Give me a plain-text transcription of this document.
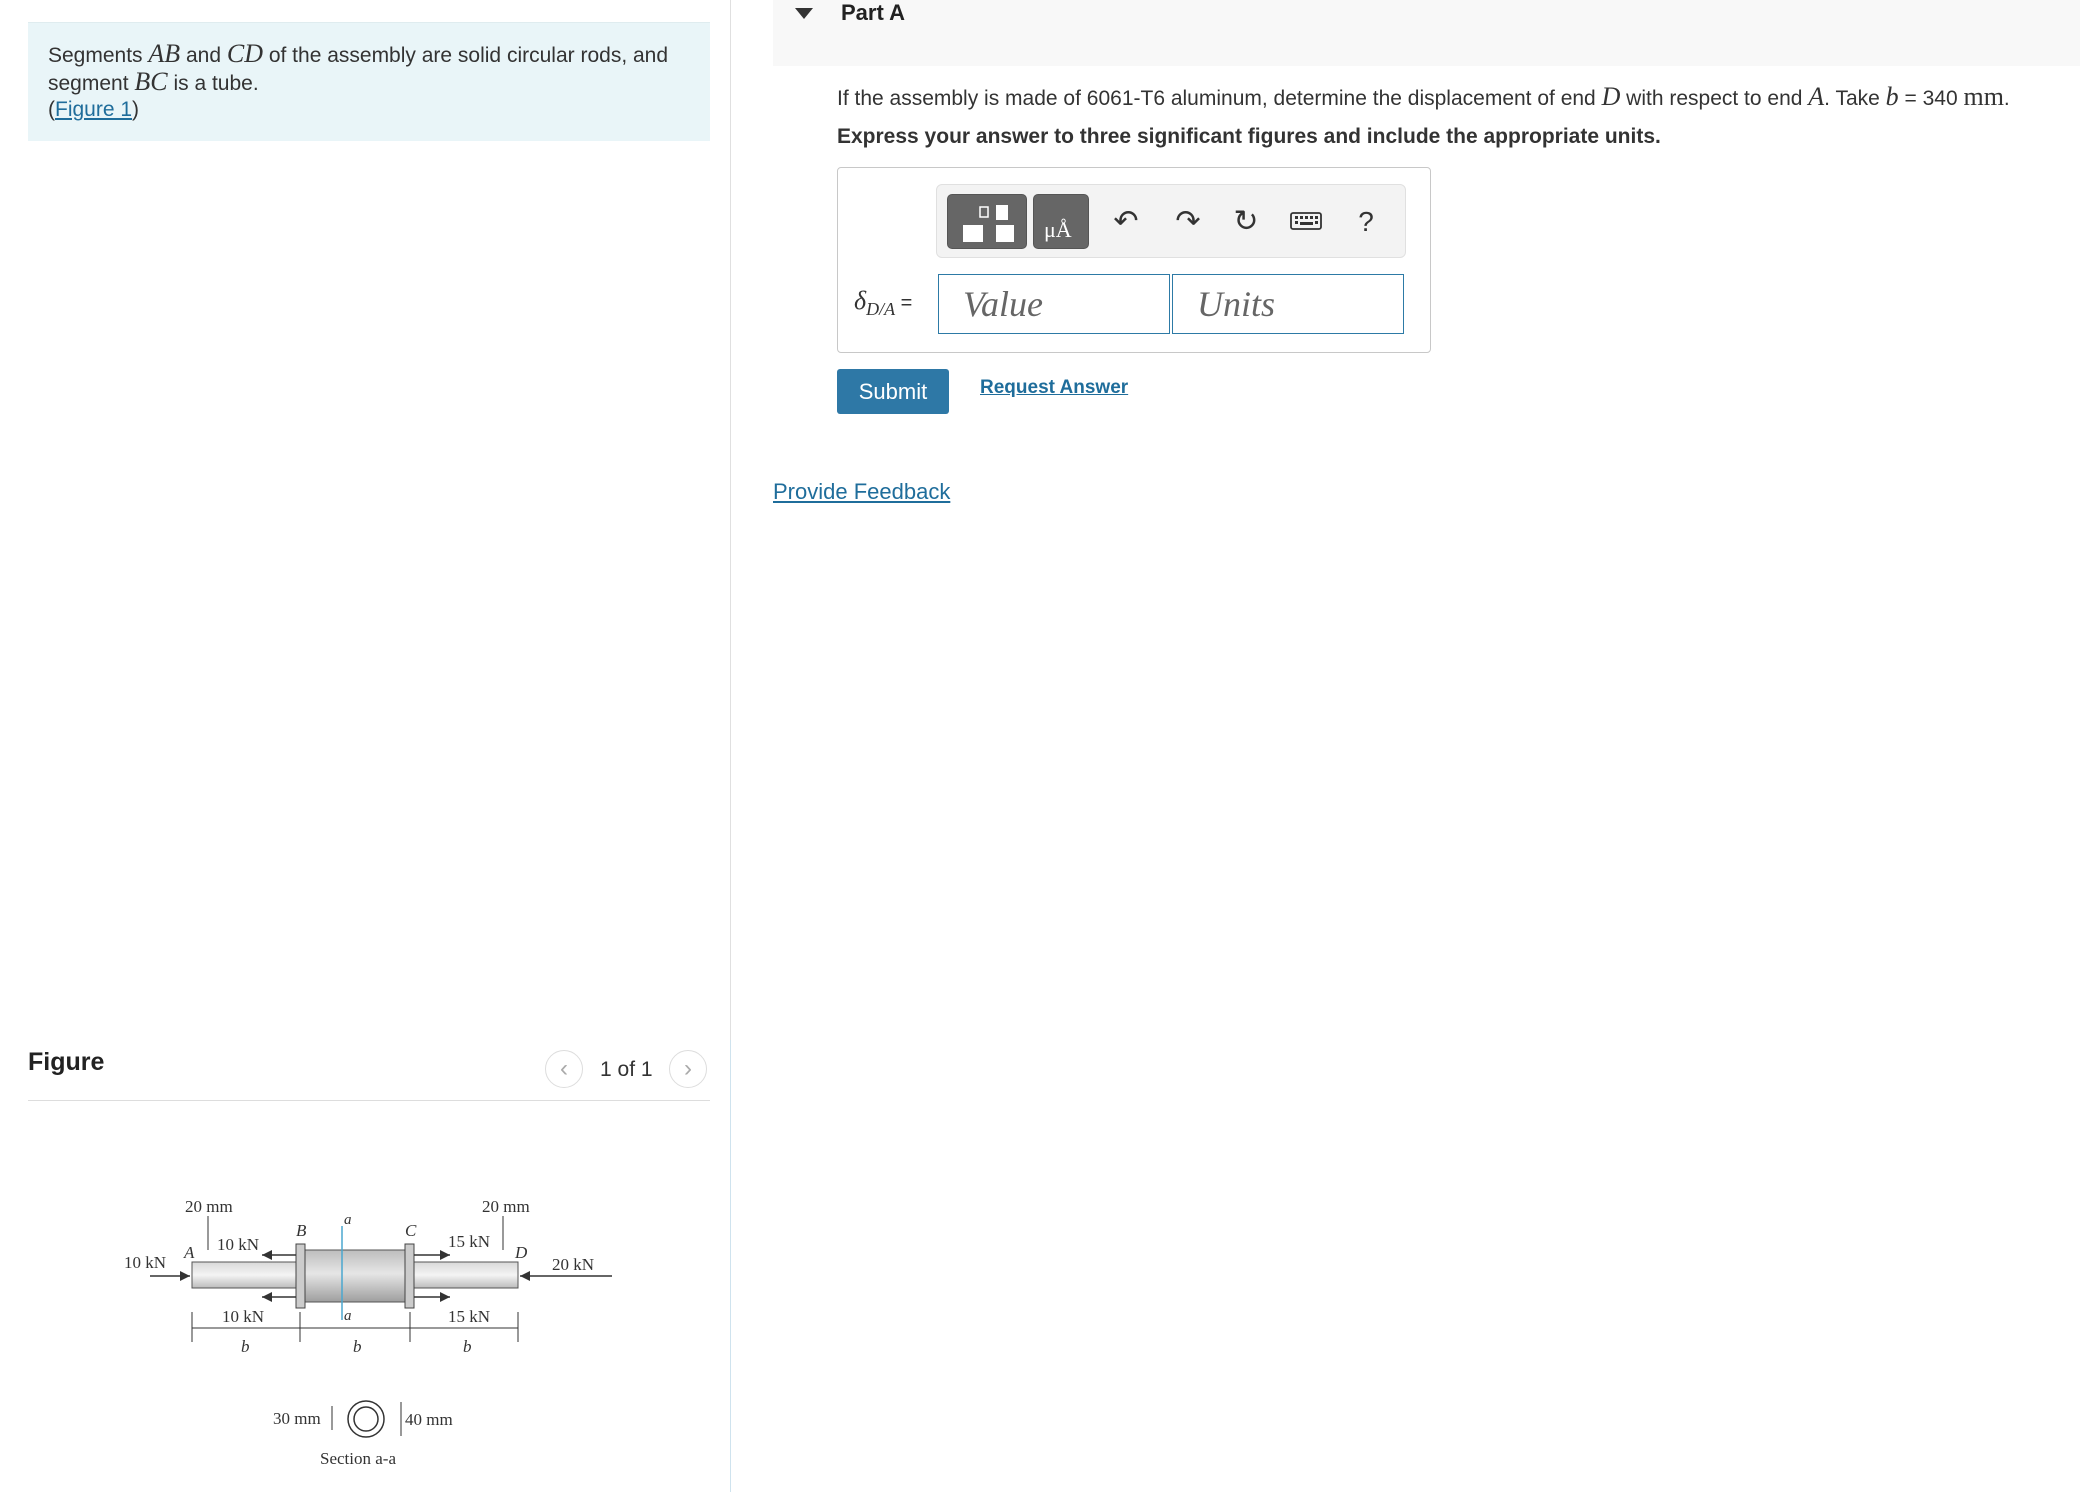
Segments AB and CD of the assembly are solid circular rods, and segment BC is a tube.
(Figure 1)
Figure	‹	1 of 1	›
20 mm	20 mm
10 kN	20 kN
10 kN
10 kN
15 kN
15 kN
A
B	C
D
a
a
b	b	b
30 mm	40 mm
Section a-a
Part A
If the assembly is made of 6061-T6 aluminum, determine the displacement of end D with respect to end A. Take b = 340 mm.
Express your answer to three significant figures and include the appropriate units.
μÅ ↶ ↷ ↻	?
$\delta_{D/A}$ =
Value
Units
Submit	Request Answer
Provide Feedback
